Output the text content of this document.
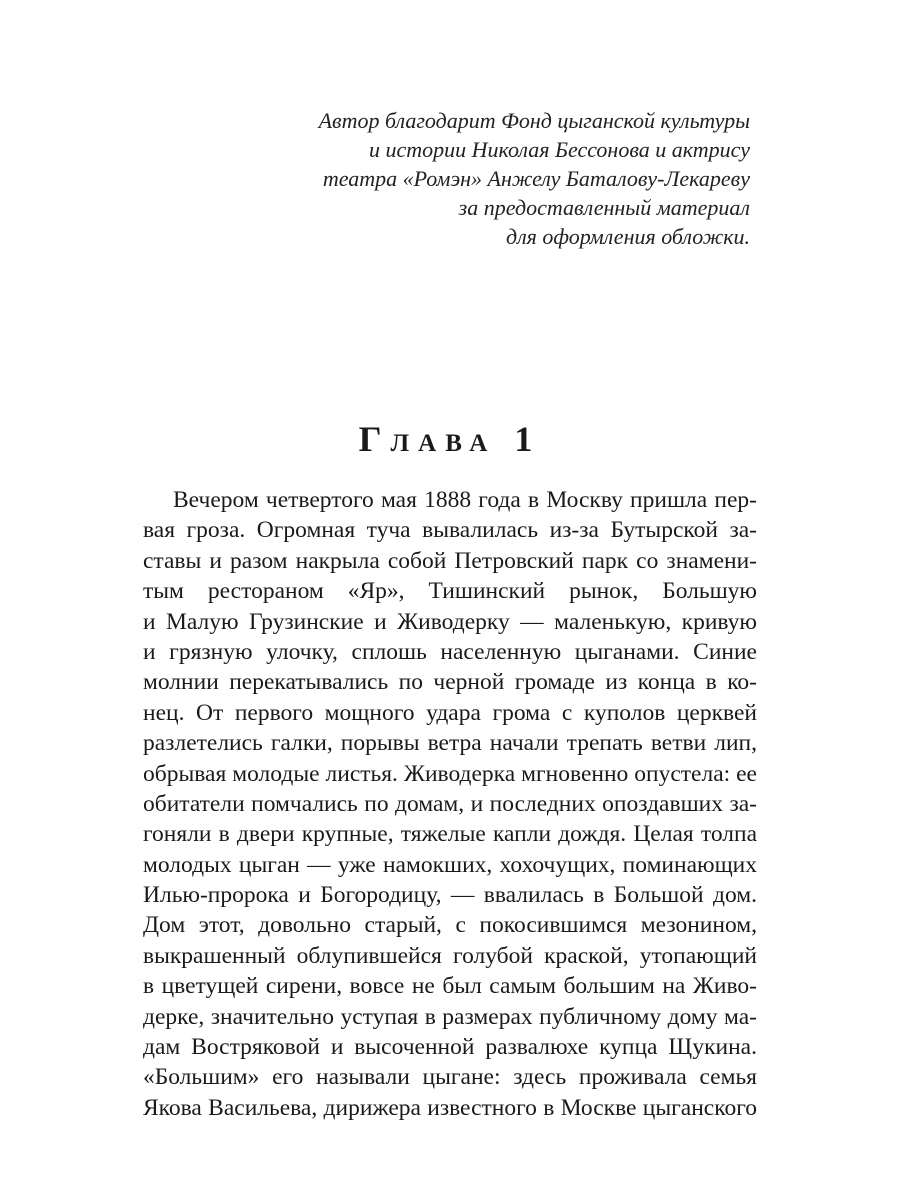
Автор благодарит Фонд цыганской культуры
и истории Николая Бессонова и актрису
театра «Ромэн» Анжелу Баталову-Лекареву
за предоставленный материал
для оформления обложки.
Глава 1
Вечером четвертого мая 1888 года в Москву пришла пер-
вая гроза. Огромная туча вывалилась из-за Бутырской за-
ставы и разом накрыла собой Петровский парк со знамени-
тым рестораном «Яр», Тишинский рынок, Большую
и Малую Грузинские и Живодерку — маленькую, кривую
и грязную улочку, сплошь населенную цыганами. Синие
молнии перекатывались по черной громаде из конца в ко-
нец. От первого мощного удара грома с куполов церквей
разлетелись галки, порывы ветра начали трепать ветви лип,
обрывая молодые листья. Живодерка мгновенно опустела: ее
обитатели помчались по домам, и последних опоздавших за-
гоняли в двери крупные, тяжелые капли дождя. Целая толпа
молодых цыган — уже намокших, хохочущих, поминающих
Илью-пророка и Богородицу, — ввалилась в Большой дом.
Дом этот, довольно старый, с покосившимся мезонином,
выкрашенный облупившейся голубой краской, утопающий
в цветущей сирени, вовсе не был самым большим на Живо-
дерке, значительно уступая в размерах публичному дому ма-
дам Востряковой и высоченной развалюхе купца Щукина.
«Большим» его называли цыгане: здесь проживала семья
Якова Васильева, дирижера известного в Москве цыганского
